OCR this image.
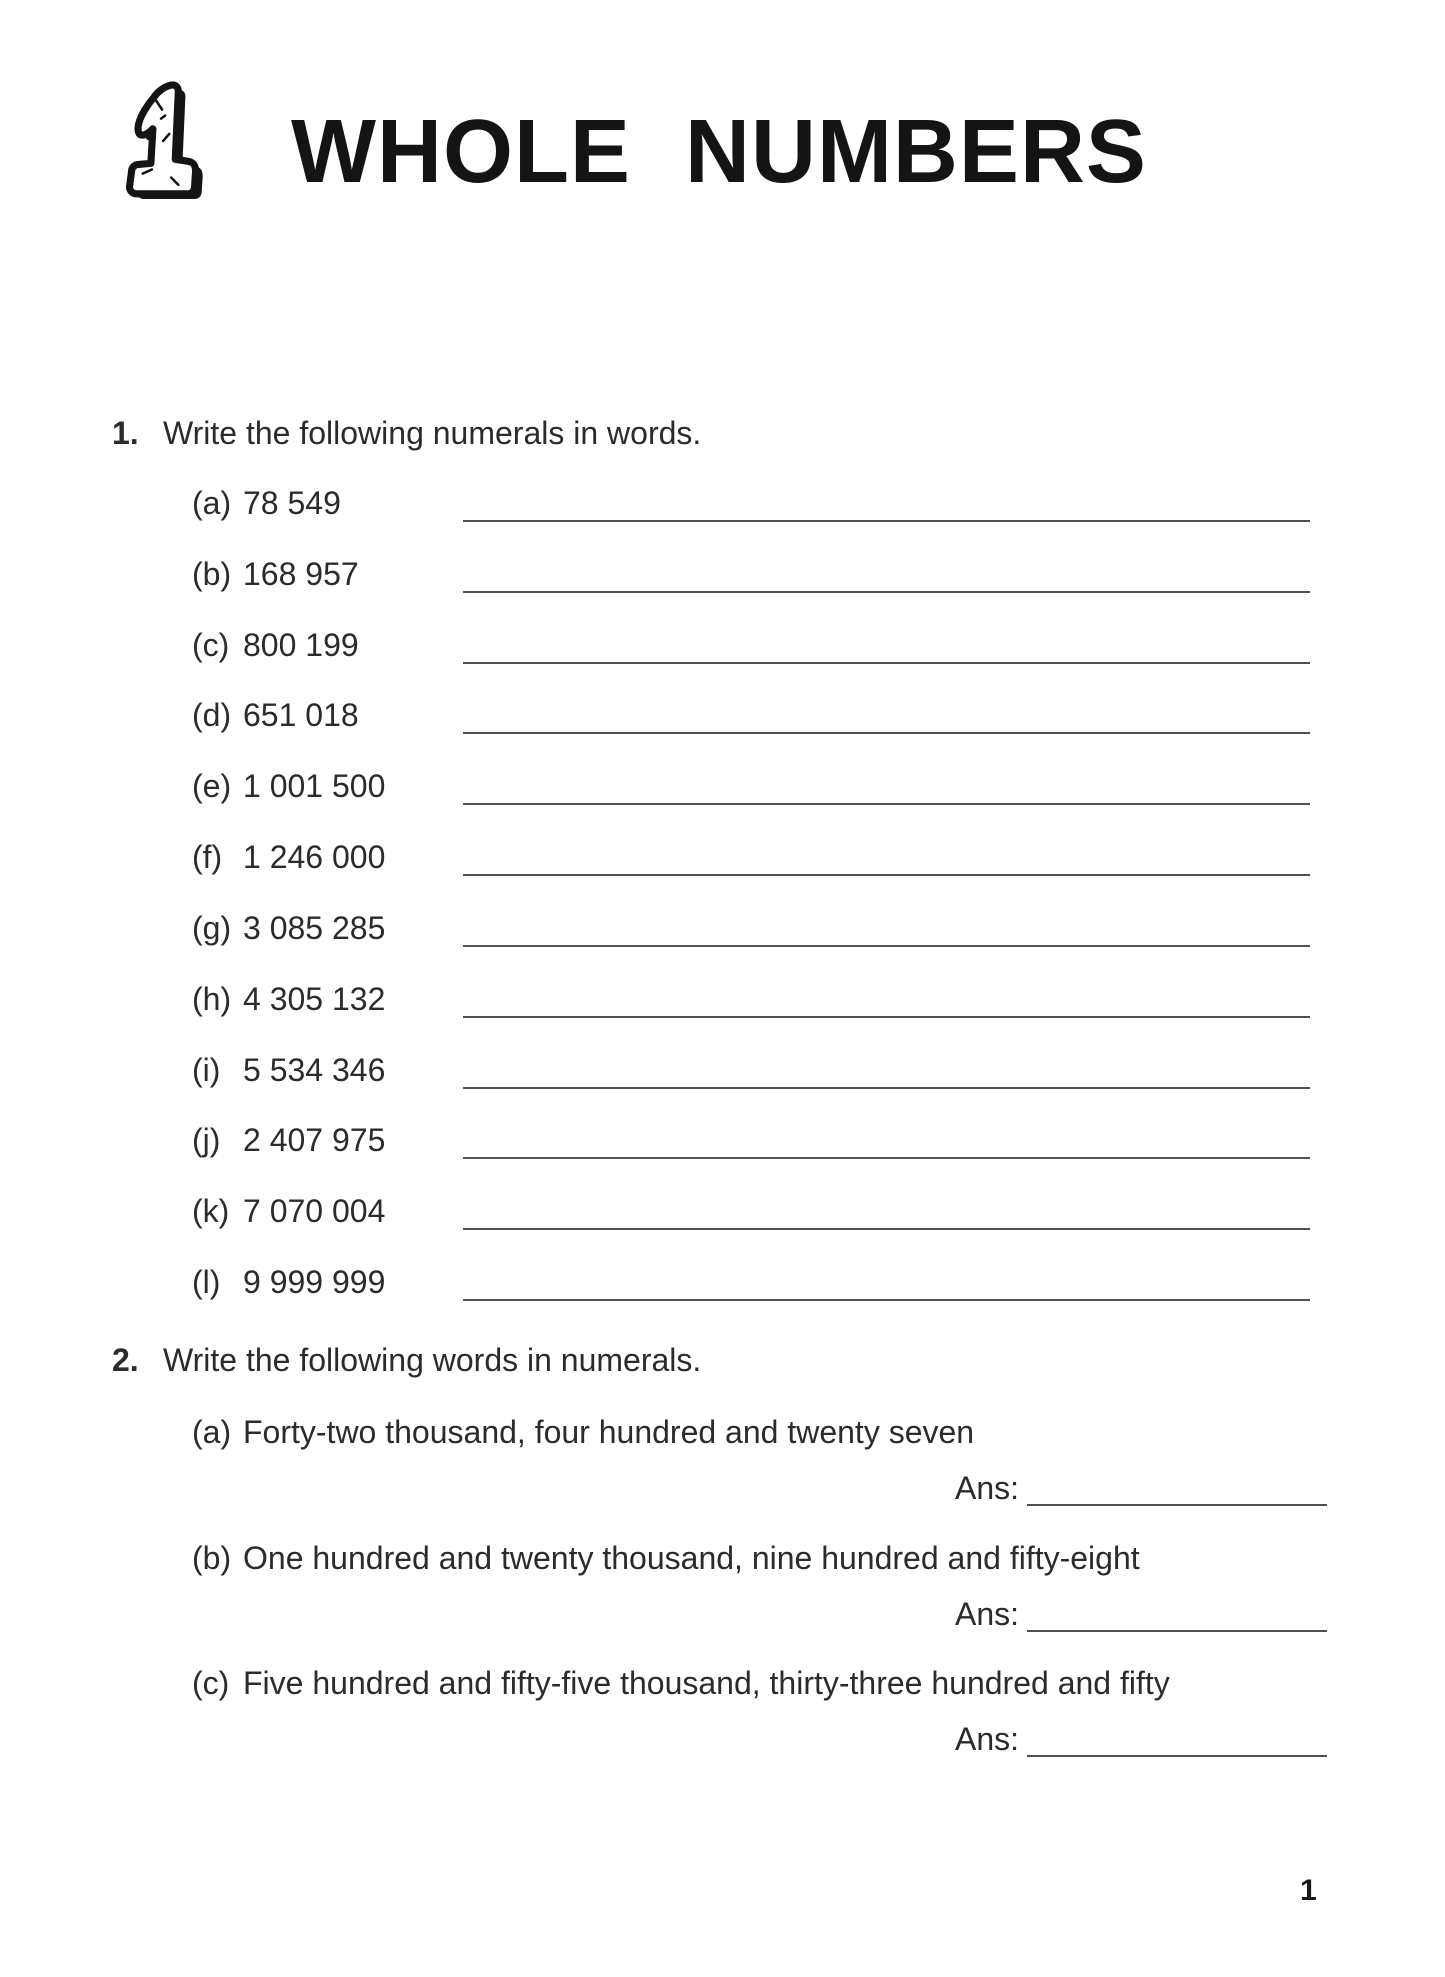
WHOLE NUMBERS
1. Write the following numerals in words.
(a) 78 549
(b) 168 957
(c) 800 199
(d) 651 018
(e) 1 001 500
(f) 1 246 000
(g) 3 085 285
(h) 4 305 132
(i) 5 534 346
(j) 2 407 975
(k) 7 070 004
(l) 9 999 999
2. Write the following words in numerals.
(a) Forty-two thousand, four hundred and twenty seven
Ans:
(b) One hundred and twenty thousand, nine hundred and fifty-eight
Ans:
(c) Five hundred and fifty-five thousand, thirty-three hundred and fifty
Ans:
1
